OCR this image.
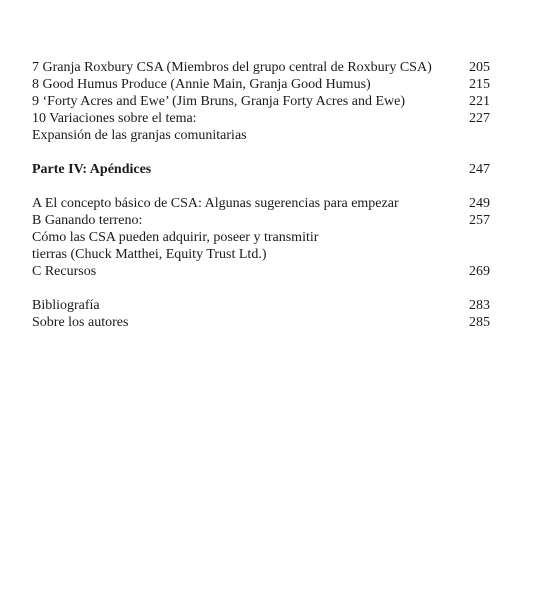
7 Granja Roxbury CSA (Miembros del grupo central de Roxbury CSA)	205
8 Good Humus Produce (Annie Main, Granja Good Humus)	215
9 ‘Forty Acres and Ewe’ (Jim Bruns, Granja Forty Acres and Ewe)	221
10 Variaciones sobre el tema:	227
Expansión de las granjas comunitarias
Parte IV: Apéndices	247
A El concepto básico de CSA: Algunas sugerencias para empezar	249
B Ganando terreno:	257
Cómo las CSA pueden adquirir, poseer y transmitir
tierras (Chuck Matthei, Equity Trust Ltd.)
C Recursos	269
Bibliografía	283
Sobre los autores	285
